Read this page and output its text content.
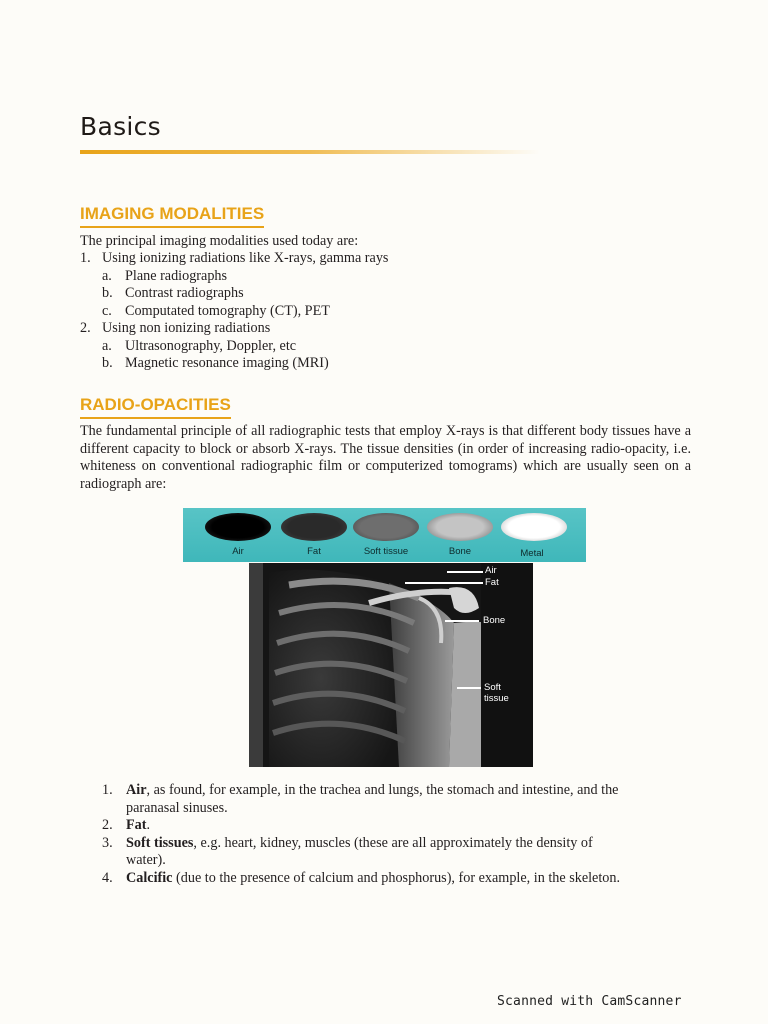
Basics
IMAGING MODALITIES

The principal imaging modalities used today are:

1. Using ionizing radiations like X-rays, gamma rays
a. Plane radiographs
b. Contrast radiographs
c. Computated tomography (CT), PET
2. Using non ionizing radiations
a. Ultrasonography, Doppler, etc
b. Magnetic resonance imaging (MRI)
RADIO-OPACITIES

The fundamental principle of all radiographic tests that employ X-rays is that different body tissues have a different capacity to block or absorb X-rays. The tissue densities (in order of increasing radio-opacity, i.e. whiteness on conventional radiographic film or computerized tomograms) which are usually seen on a radiograph are:

Air	Fat	Soft tissue	Bone	Metal
Air
Fat
Bone
Soft
tissue
1. Air, as found, for example, in the trachea and lungs, the stomach and intestine, and the
paranasal sinuses.
2. Fat.
3. Soft tissues, e.g. heart, kidney, muscles (these are all approximately the density of
water).
4. Calcific (due to the presence of calcium and phosphorus), for example, in the skeleton.
Scanned with CamScanner
